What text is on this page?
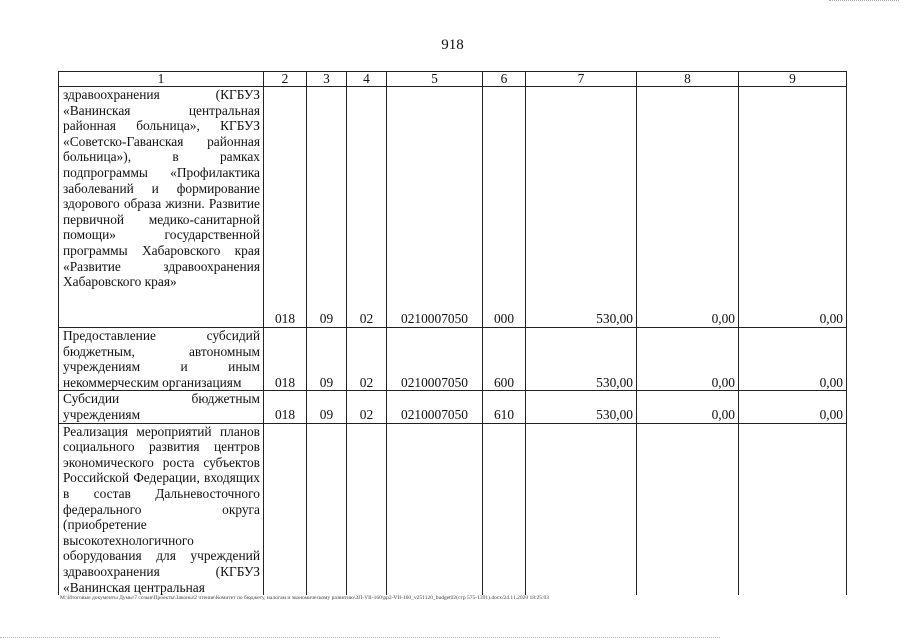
918
1	2	3	4	5	6	7	8	9
здравоохранения (КГБУЗ «Ванинская центральная районная больница», КГБУЗ «Советско-Гаванская районная больница»), в рамках подпрограммы «Профилактика заболеваний и формирование здорового образа жизни. Развитие первичной медико-санитарной помощи» государственной программы Хабаровского края «Развитие здравоохранения Хабаровского края»	018	09	02	0210007050	000	530,00	0,00	0,00
Предоставление субсидий бюджетным, автономным учреждениям и иным некоммерческим организациям	018	09	02	0210007050	600	530,00	0,00	0,00
Субсидии бюджетным учреждениям	018	09	02	0210007050	610	530,00	0,00	0,00
Реализация мероприятий планов социального развития центров экономического роста субъектов Российской Федерации, входящих в состав Дальневосточного федерального округа (приобретение высокотехнологичного оборудования для учреждений здравоохранения (КГБУЗ «Ванинская центральная								
M:\Итоговые документы Думы\7 созыв\Проекты\Законы\2 чтение\Комитет по бюджету, налогам и экономическому развитию\ЗП-VII-160\pp2-VII-160_v251120_budget02(стр 575-1391).docx/24.11.2020 18:25:03
